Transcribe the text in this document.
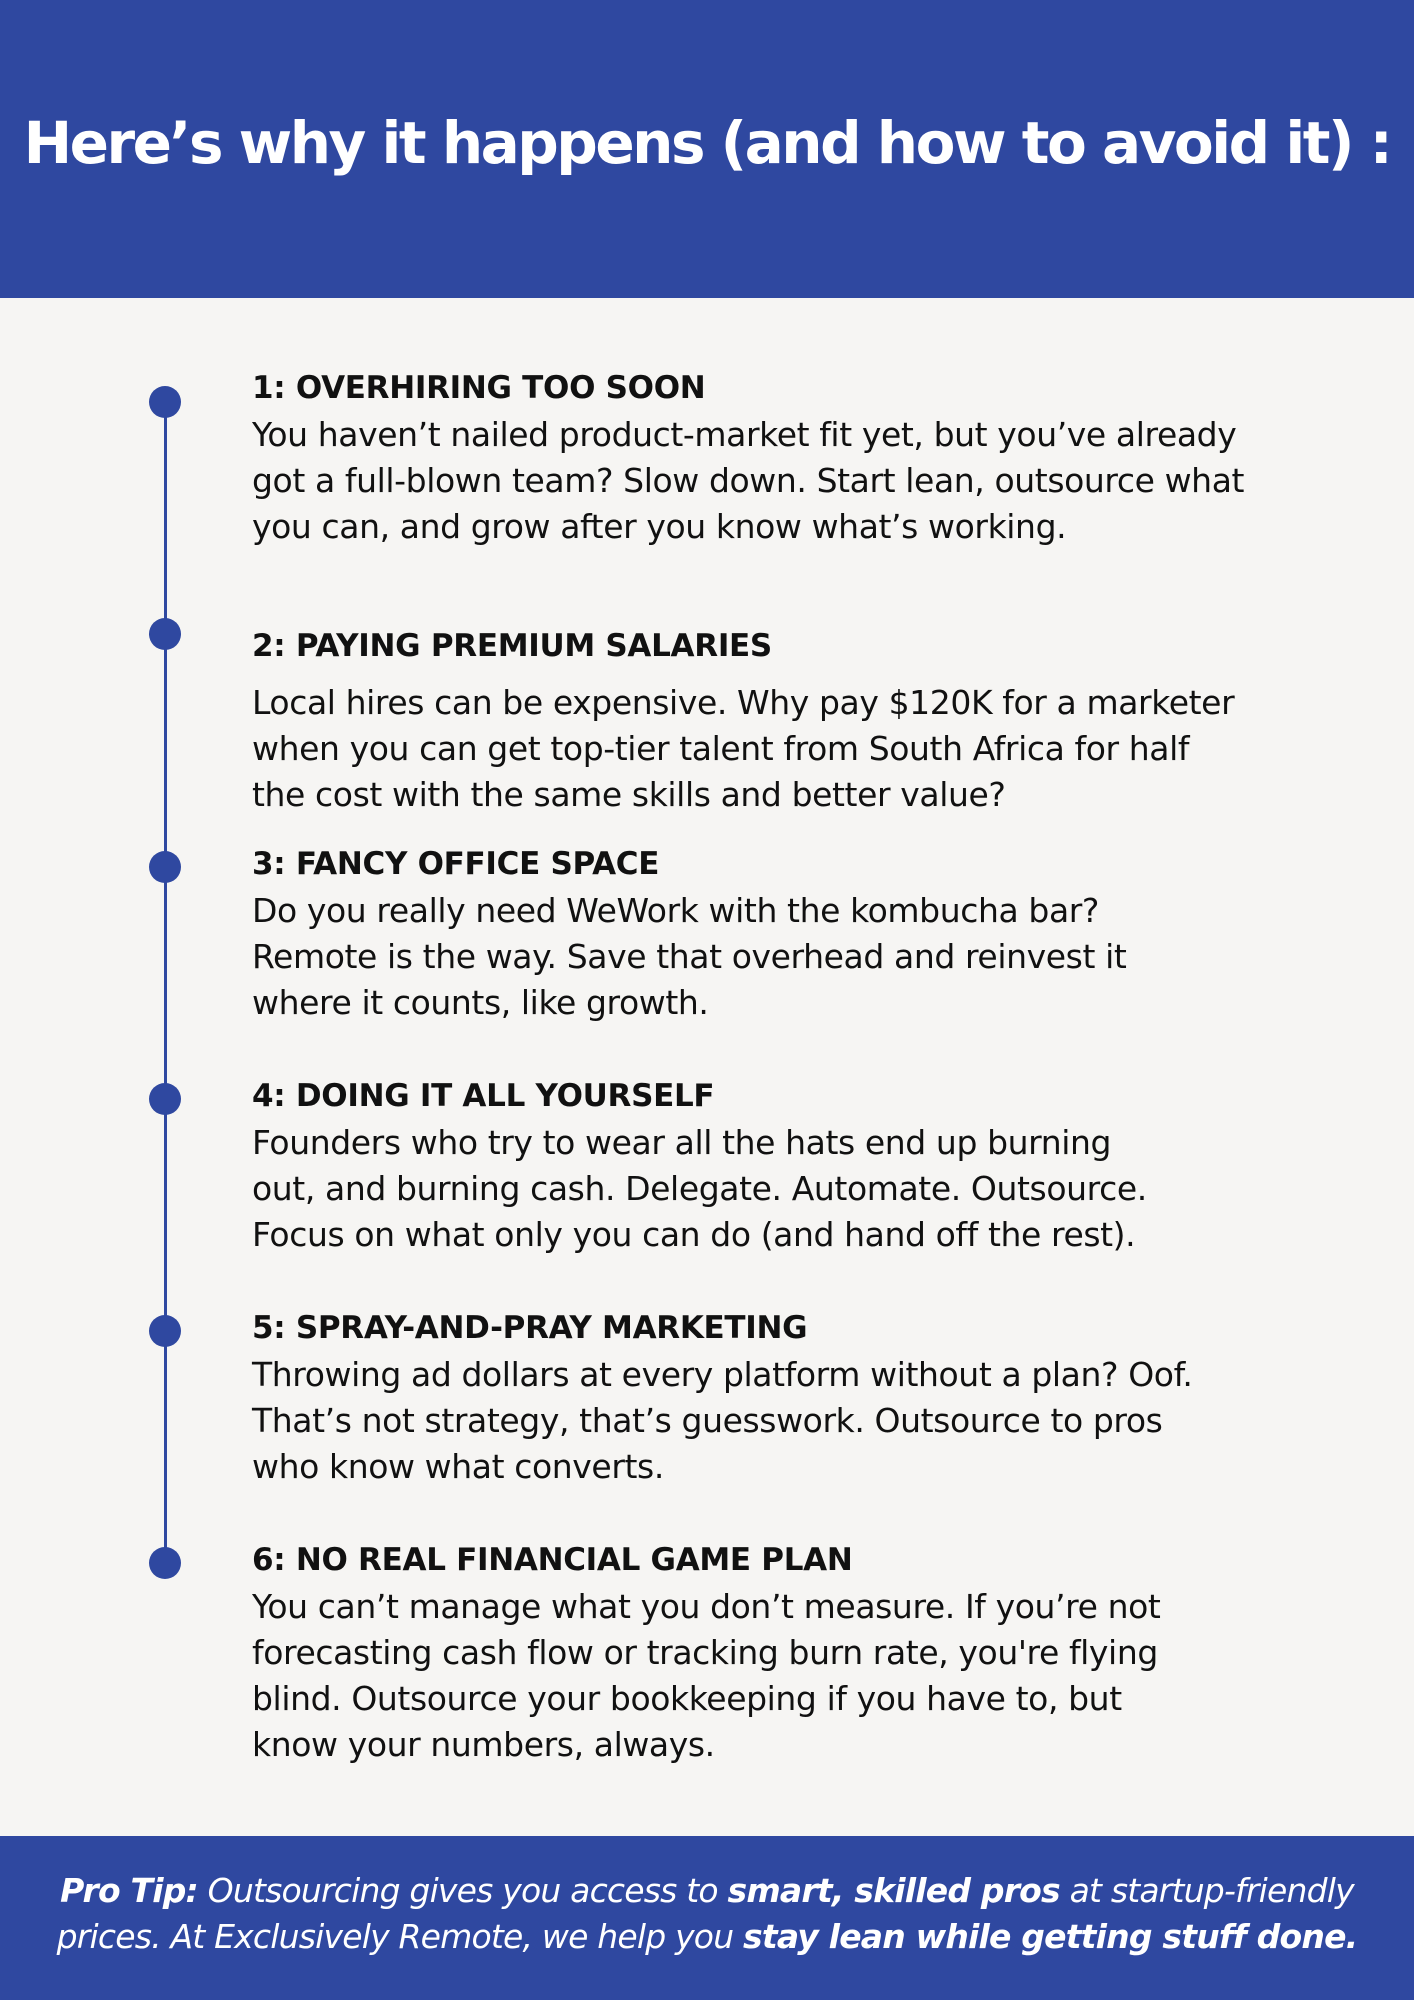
Here’s why it happens (and how to avoid it) :
1: OVERHIRING TOO SOON

You haven’t nailed product-market fit yet, but you’ve already
got a full-blown team? Slow down. Start lean, outsource what
you can, and grow after you know what’s working.

2: PAYING PREMIUM SALARIES

Local hires can be expensive. Why pay $120K for a marketer
when you can get top-tier talent from South Africa for half
the cost with the same skills and better value?

3: FANCY OFFICE SPACE

Do you really need WeWork with the kombucha bar?
Remote is the way. Save that overhead and reinvest it
where it counts, like growth.

4: DOING IT ALL YOURSELF

Founders who try to wear all the hats end up burning
out, and burning cash. Delegate. Automate. Outsource.
Focus on what only you can do (and hand off the rest).

5: SPRAY-AND-PRAY MARKETING

Throwing ad dollars at every platform without a plan? Oof.
That’s not strategy, that’s guesswork. Outsource to pros
who know what converts.

6: NO REAL FINANCIAL GAME PLAN

You can’t manage what you don’t measure. If you’re not
forecasting cash flow or tracking burn rate, you're flying
blind. Outsource your bookkeeping if you have to, but
know your numbers, always.

Pro Tip: Outsourcing gives you access to smart, skilled pros at startup-friendly prices. At Exclusively Remote, we help you stay lean while getting stuff done.
